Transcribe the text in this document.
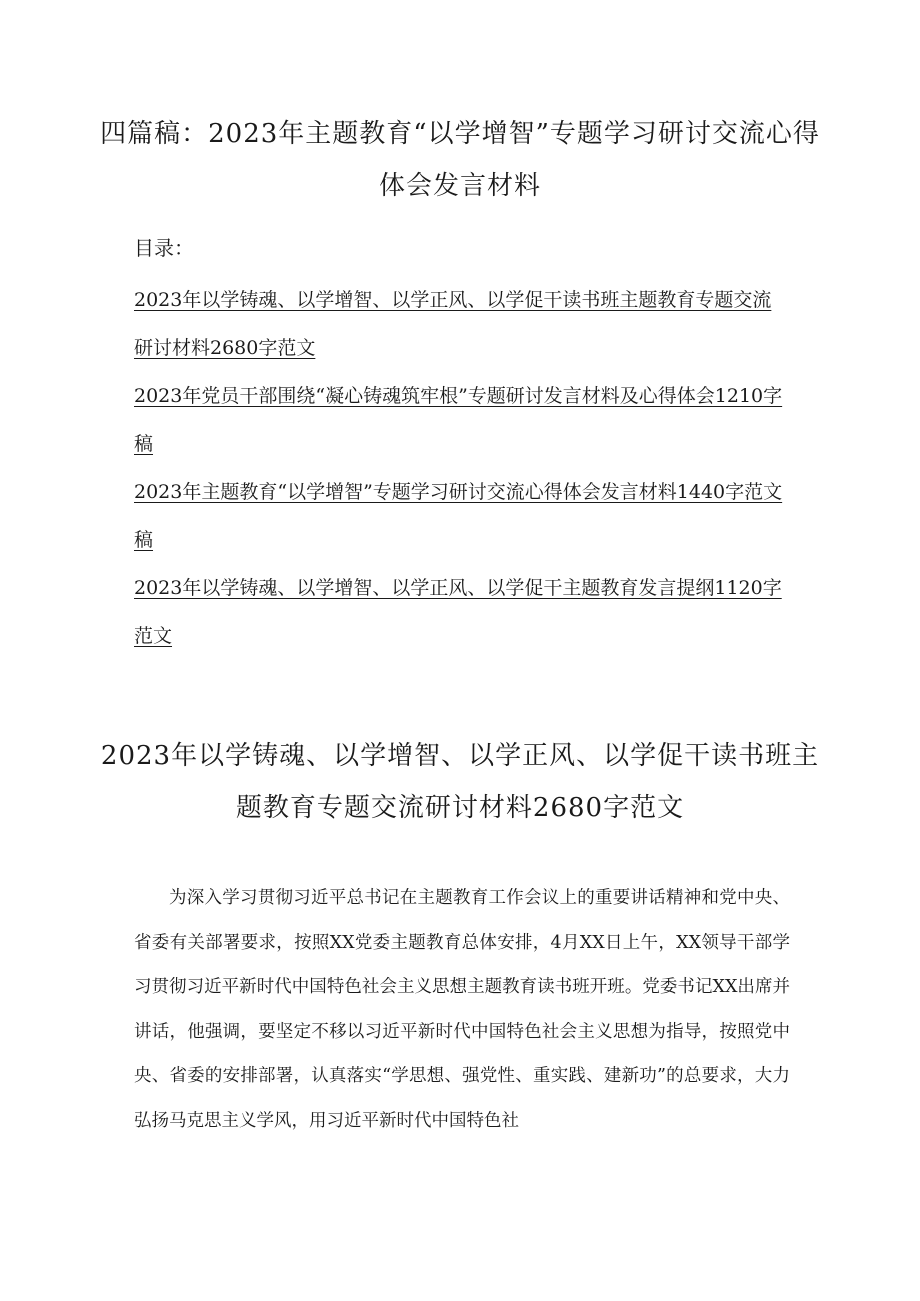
四篇稿：2023年主题教育“以学增智”专题学习研讨交流心得体会发言材料
目录：
2023年以学铸魂、以学增智、以学正风、以学促干读书班主题教育专题交流研讨材料2680字范文
2023年党员干部围绕“凝心铸魂筑牢根”专题研讨发言材料及心得体会1210字稿
2023年主题教育“以学增智”专题学习研讨交流心得体会发言材料1440字范文稿
2023年以学铸魂、以学增智、以学正风、以学促干主题教育发言提纲1120字范文
2023年以学铸魂、以学增智、以学正风、以学促干读书班主题教育专题交流研讨材料2680字范文

为深入学习贯彻习近平总书记在主题教育工作会议上的重要讲话精神和党中央、省委有关部署要求，按照XX党委主题教育总体安排，4月XX日上午，XX领导干部学习贯彻习近平新时代中国特色社会主义思想主题教育读书班开班。党委书记XX出席并讲话，他强调，要坚定不移以习近平新时代中国特色社会主义思想为指导，按照党中央、省委的安排部署，认真落实“学思想、强党性、重实践、建新功”的总要求，大力弘扬马克思主义学风，用习近平新时代中国特色社
